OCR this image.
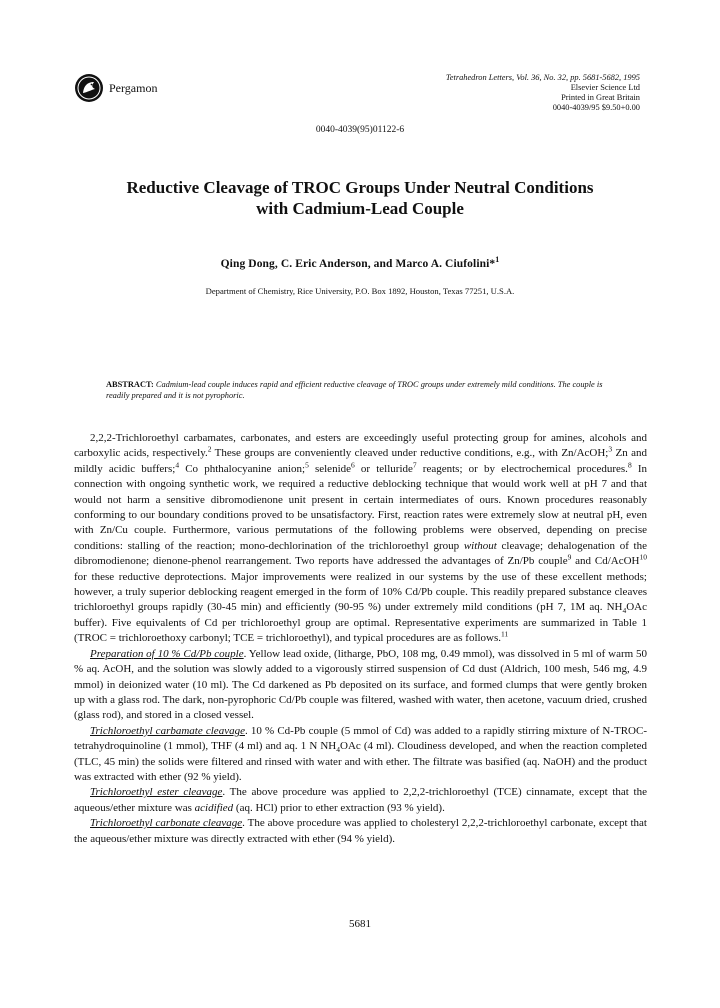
Pergamon
Tetrahedron Letters, Vol. 36, No. 32, pp. 5681-5682, 1995
Elsevier Science Ltd
Printed in Great Britain
0040-4039/95 $9.50+0.00
0040-4039(95)01122-6
Reductive Cleavage of TROC Groups Under Neutral Conditions
with Cadmium-Lead Couple
Qing Dong, C. Eric Anderson, and Marco A. Ciufolini*$^1$
Department of Chemistry, Rice University, P.O. Box 1892, Houston, Texas 77251, U.S.A.
ABSTRACT: Cadmium-lead couple induces rapid and efficient reductive cleavage of TROC groups under extremely mild conditions. The couple is readily prepared and it is not pyrophoric.

2,2,2-Trichloroethyl carbamates, carbonates, and esters are exceedingly useful protecting group for amines, alcohols and carboxylic acids, respectively.$^2$ These groups are conveniently cleaved under reductive conditions, e.g., with Zn/AcOH;$^3$ Zn and mildly acidic buffers;$^4$ Co phthalocyanine anion;$^5$ selenide$^6$ or telluride$^7$ reagents; or by electrochemical procedures.$^8$ In connection with ongoing synthetic work, we required a reductive deblocking technique that would work well at pH 7 and that would not harm a sensitive dibromodienone unit present in certain intermediates of ours. Known procedures reasonably conforming to our boundary conditions proved to be unsatisfactory. First, reaction rates were extremely slow at neutral pH, even with Zn/Cu couple. Furthermore, various permutations of the following problems were observed, depending on precise conditions: stalling of the reaction; mono-dechlorination of the trichloroethyl group without cleavage; dehalogenation of the dibromodienone; dienone-phenol rearrangement. Two reports have addressed the advantages of Zn/Pb couple$^9$ and Cd/AcOH$^{10}$ for these reductive deprotections. Major improvements were realized in our systems by the use of these excellent methods; however, a truly superior deblocking reagent emerged in the form of 10% Cd/Pb couple. This readily prepared substance cleaves trichloroethyl groups rapidly (30-45 min) and efficiently (90-95 %) under extremely mild conditions (pH 7, 1M aq. $NH_4OAc$ buffer). Five equivalents of Cd per trichloroethyl group are optimal. Representative experiments are summarized in Table 1 (TROC = trichloroethoxy carbonyl; TCE = trichloroethyl), and typical procedures are as follows.$^{11}$

Preparation of 10 % Cd/Pb couple. Yellow lead oxide, (litharge, PbO, 108 mg, 0.49 mmol), was dissolved in 5 ml of warm 50 % aq. AcOH, and the solution was slowly added to a vigorously stirred suspension of Cd dust (Aldrich, 100 mesh, 546 mg, 4.9 mmol) in deionized water (10 ml). The Cd darkened as Pb deposited on its surface, and formed clumps that were gently broken up with a glass rod. The dark, non-pyrophoric Cd/Pb couple was filtered, washed with water, then acetone, vacuum dried, crushed (glass rod), and stored in a closed vessel.

Trichloroethyl carbamate cleavage. 10 % Cd-Pb couple (5 mmol of Cd) was added to a rapidly stirring mixture of N-TROC-tetrahydroquinoline (1 mmol), THF (4 ml) and aq. 1 N $NH_4OAc$ (4 ml). Cloudiness developed, and when the reaction completed (TLC, 45 min) the solids were filtered and rinsed with water and with ether. The filtrate was basified (aq. NaOH) and the product was extracted with ether (92 % yield).

Trichloroethyl ester cleavage. The above procedure was applied to 2,2,2-trichloroethyl (TCE) cinnamate, except that the aqueous/ether mixture was acidified (aq. HCl) prior to ether extraction (93 % yield).

Trichloroethyl carbonate cleavage. The above procedure was applied to cholesteryl 2,2,2-trichloroethyl carbonate, except that the aqueous/ether mixture was directly extracted with ether (94 % yield).

5681
